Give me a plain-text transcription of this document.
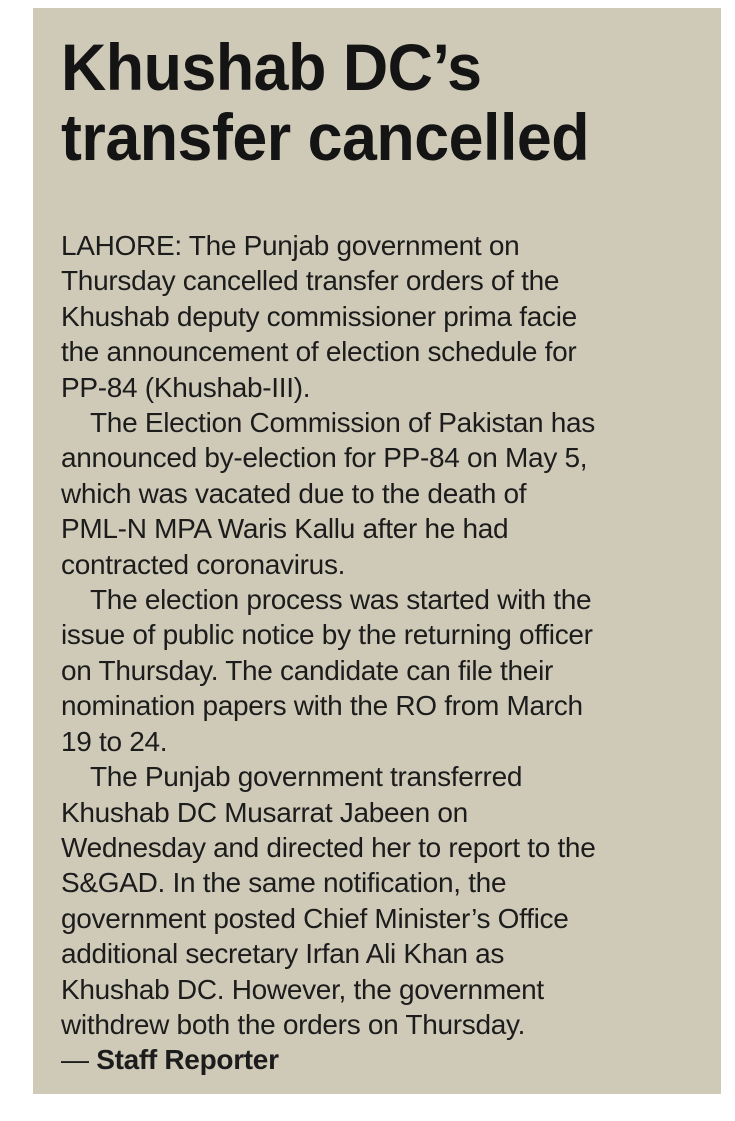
Khushab DC’s
transfer cancelled
LAHORE: The Punjab government on
Thursday cancelled transfer orders of the
Khushab deputy commissioner prima facie
the announcement of election schedule for
PP-84 (Khushab-III).
The Election Commission of Pakistan has
announced by-election for PP-84 on May 5,
which was vacated due to the death of
PML-N MPA Waris Kallu after he had
contracted coronavirus.
The election process was started with the
issue of public notice by the returning officer
on Thursday. The candidate can file their
nomination papers with the RO from March
19 to 24.
The Punjab government transferred
Khushab DC Musarrat Jabeen on
Wednesday and directed her to report to the
S&GAD. In the same notification, the
government posted Chief Minister’s Office
additional secretary Irfan Ali Khan as
Khushab DC. However, the government
withdrew both the orders on Thursday.
— Staff Reporter
